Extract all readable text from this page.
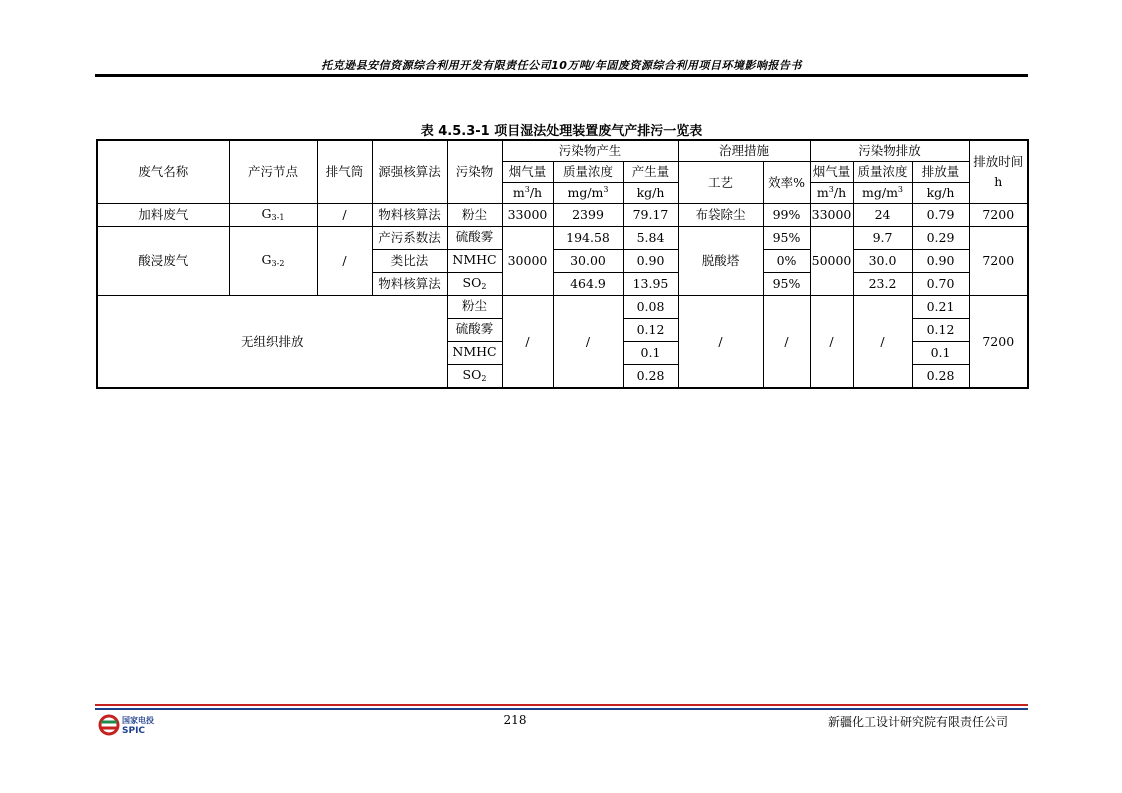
托克逊县安信资源综合利用开发有限责任公司10万吨/年固废资源综合利用项目环境影响报告书
表 4.5.3-1 项目湿法处理装置废气产排污一览表
废气名称	产污节点	排气筒	源强核算法	污染物	污染物产生			治理措施		污染物排放			排放时间
h
					烟气量	质量浓度	产生量	工艺	效率%	烟气量	质量浓度	排放量	
					$m^3/h$	$mg/m^3$	kg/h			$m^3/h$	$mg/m^3$	kg/h	
加料废气	G3-1	/	物料核算法	粉尘	33000	2399	79.17	布袋除尘	99%	33000	24	0.79	7200
酸浸废气	G3-2	/	产污系数法	硫酸雾	30000	194.58	5.84	脱酸塔	95%	50000	9.7	0.29	7200
			类比法	NMHC		30.00	0.90		0%		30.0	0.90	
			物料核算法	SO2		464.9	13.95		95%		23.2	0.70	
无组织排放				粉尘	/	/	0.08	/	/	/	/	0.21	7200
				硫酸雾			0.12					0.12	
				NMHC			0.1					0.1	
				SO2			0.28					0.28	
国家电投
SPIC
218	新疆化工设计研究院有限责任公司
